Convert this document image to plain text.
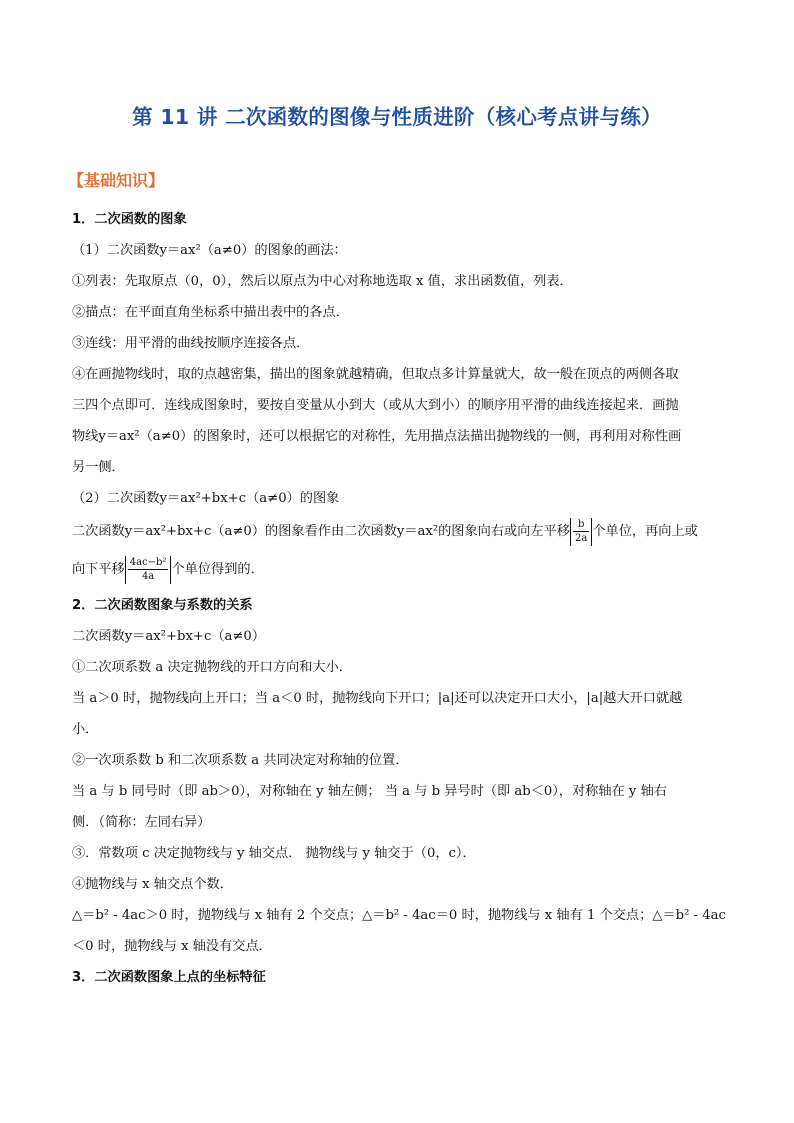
第 11 讲 二次函数的图像与性质进阶（核心考点讲与练）
【基础知识】
1．二次函数的图象
（1）二次函数y＝ax²（a≠0）的图象的画法：
①列表：先取原点（0，0），然后以原点为中心对称地选取 x 值，求出函数值，列表．
②描点：在平面直角坐标系中描出表中的各点．
③连线：用平滑的曲线按顺序连接各点．
④在画抛物线时，取的点越密集，描出的图象就越精确，但取点多计算量就大，故一般在顶点的两侧各取
三四个点即可．连线成图象时，要按自变量从小到大（或从大到小）的顺序用平滑的曲线连接起来．画抛
物线y＝ax²（a≠0）的图象时，还可以根据它的对称性，先用描点法描出抛物线的一侧，再利用对称性画
另一侧．
（2）二次函数y＝ax²+bx+c（a≠0）的图象
二次函数y＝ax²+bx+c（a≠0）的图象看作由二次函数y＝ax²的图象向右或向左平移 $\frac{b}{2a}$ 个单位，再向上或
向下平移 $\frac{\text{4ac−b²}}{4a}$ 个单位得到的．
2．二次函数图象与系数的关系
二次函数y＝ax²+bx+c（a≠0）
①二次项系数 a 决定抛物线的开口方向和大小．
当 a＞0 时，抛物线向上开口；当 a＜0 时，抛物线向下开口；|a|还可以决定开口大小，|a|越大开口就越
小．
②一次项系数 b 和二次项系数 a 共同决定对称轴的位置．
当 a 与 b 同号时（即 ab＞0），对称轴在 y 轴左侧； 当 a 与 b 异号时（即 ab＜0），对称轴在 y 轴右
侧．（简称：左同右异）
③．常数项 c 决定抛物线与 y 轴交点． 抛物线与 y 轴交于（0，c）．
④抛物线与 x 轴交点个数．
△＝b² - 4ac＞0 时，抛物线与 x 轴有 2 个交点；△＝b² - 4ac＝0 时，抛物线与 x 轴有 1 个交点；△＝b² - 4ac
＜0 时，抛物线与 x 轴没有交点．
3．二次函数图象上点的坐标特征
